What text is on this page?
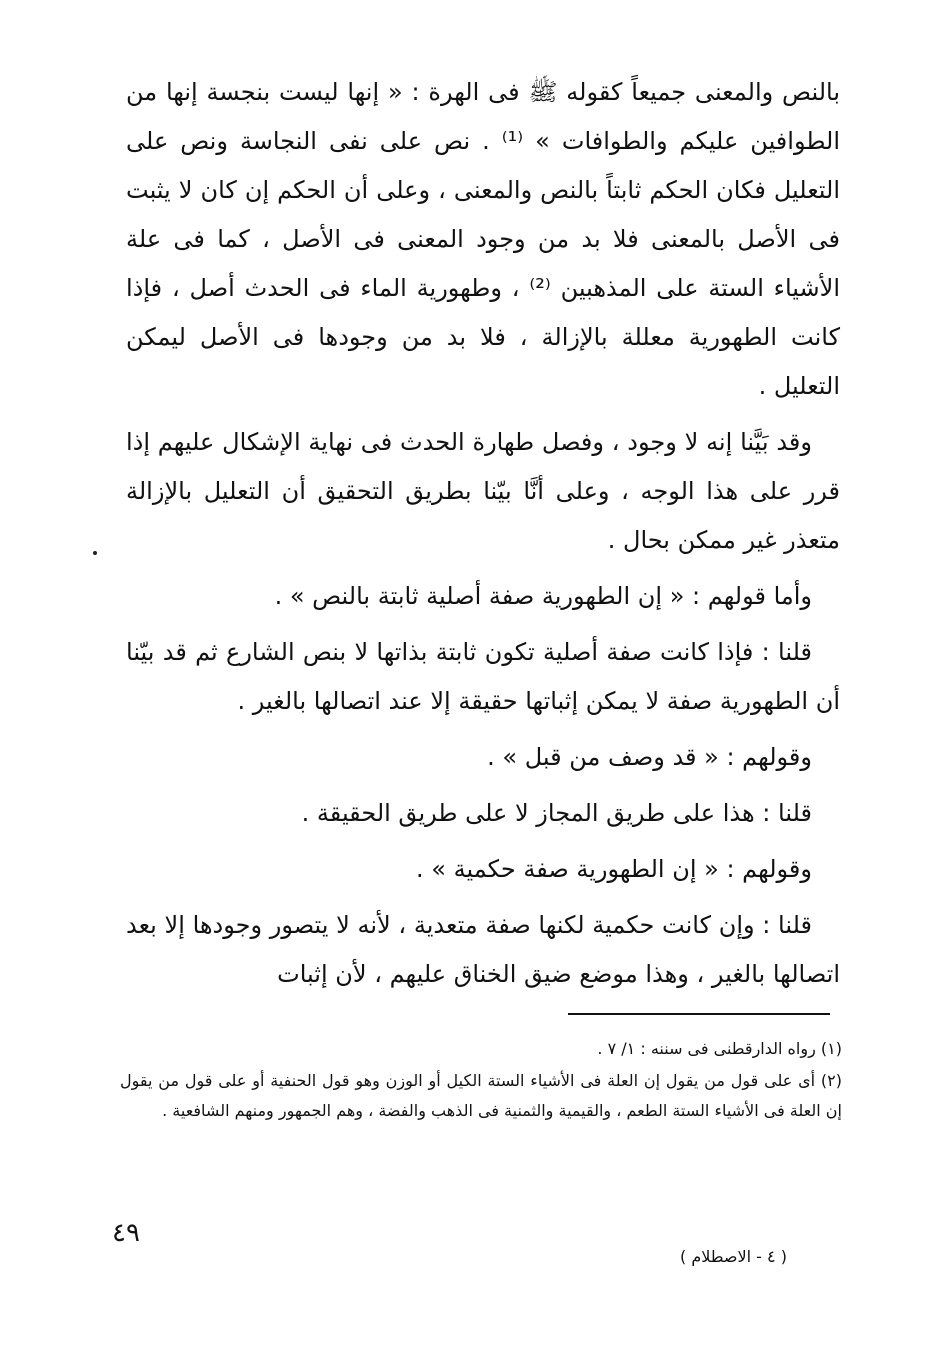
بالنص والمعنى جميعاً كقوله ﷺ فى الهرة : « إنها ليست بنجسة إنها من الطوافين عليكم والطوافات » ⁽¹⁾ . نص على نفى النجاسة ونص على التعليل فكان الحكم ثابتاً بالنص والمعنى ، وعلى أن الحكم إن كان لا يثبت فى الأصل بالمعنى فلا بد من وجود المعنى فى الأصل ، كما فى علة الأشياء الستة على المذهبين ⁽²⁾ ، وطهورية الماء فى الحدث أصل ، فإذا كانت الطهورية معللة بالإزالة ، فلا بد من وجودها فى الأصل ليمكن التعليل .

وقد بَيَّنا إنه لا وجود ، وفصل طهارة الحدث فى نهاية الإشكال عليهم إذا قرر على هذا الوجه ، وعلى أنَّا بيّنا بطريق التحقيق أن التعليل بالإزالة متعذر غير ممكن بحال .

وأما قولهم : « إن الطهورية صفة أصلية ثابتة بالنص » .

قلنا : فإذا كانت صفة أصلية تكون ثابتة بذاتها لا بنص الشارع ثم قد بيّنا أن الطهورية صفة لا يمكن إثباتها حقيقة إلا عند اتصالها بالغير .

وقولهم : « قد وصف من قبل » .

قلنا : هذا على طريق المجاز لا على طريق الحقيقة .

وقولهم : « إن الطهورية صفة حكمية » .

قلنا : وإن كانت حكمية لكنها صفة متعدية ، لأنه لا يتصور وجودها إلا بعد اتصالها بالغير ، وهذا موضع ضيق الخناق عليهم ، لأن إثبات

(١) رواه الدارقطنى فى سننه : ١/ ٧ .

(٢) أى على قول من يقول إن العلة فى الأشياء الستة الكيل أو الوزن وهو قول الحنفية أو على قول من يقول إن العلة فى الأشياء الستة الطعم ، والقيمية والثمنية فى الذهب والفضة ، وهم الجمهور ومنهم الشافعية .

٤٩
( ٤ - الاصطلام )
